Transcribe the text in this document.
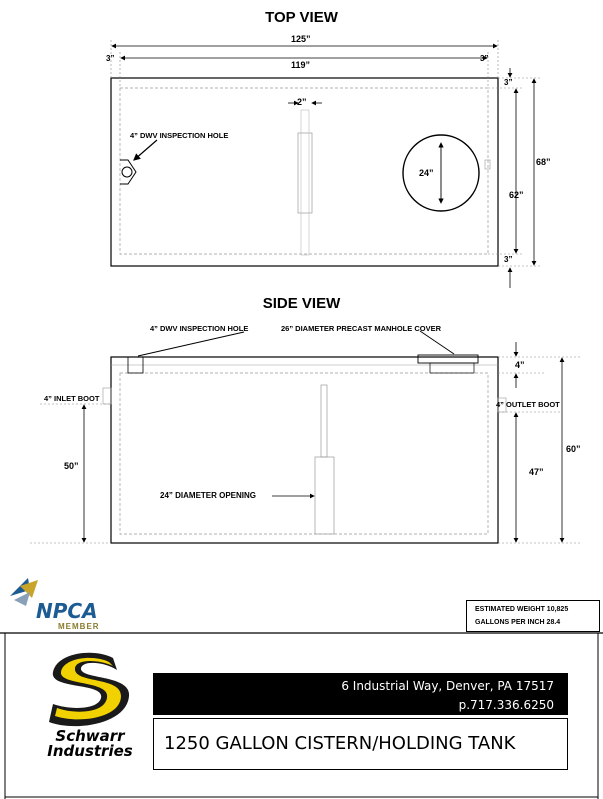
TOP VIEW
125”
119”
3”	3”
3”
3”
2”
24”
62”
68”
4” DWV INSPECTION HOLE
SIDE VIEW
4” DWV INSPECTION HOLE	26” DIAMETER PRECAST MANHOLE COVER
4” INLET BOOT
4” OUTLET BOOT
24” DIAMETER OPENING
4”
60”
50”
47”
NPCA
MEMBER
ESTIMATED WEIGHT 10,825
GALLONS PER INCH 28.4
Schwarr
Industries
6 Industrial Way, Denver, PA 17517
p.717.336.6250
1250 GALLON CISTERN/HOLDING TANK
